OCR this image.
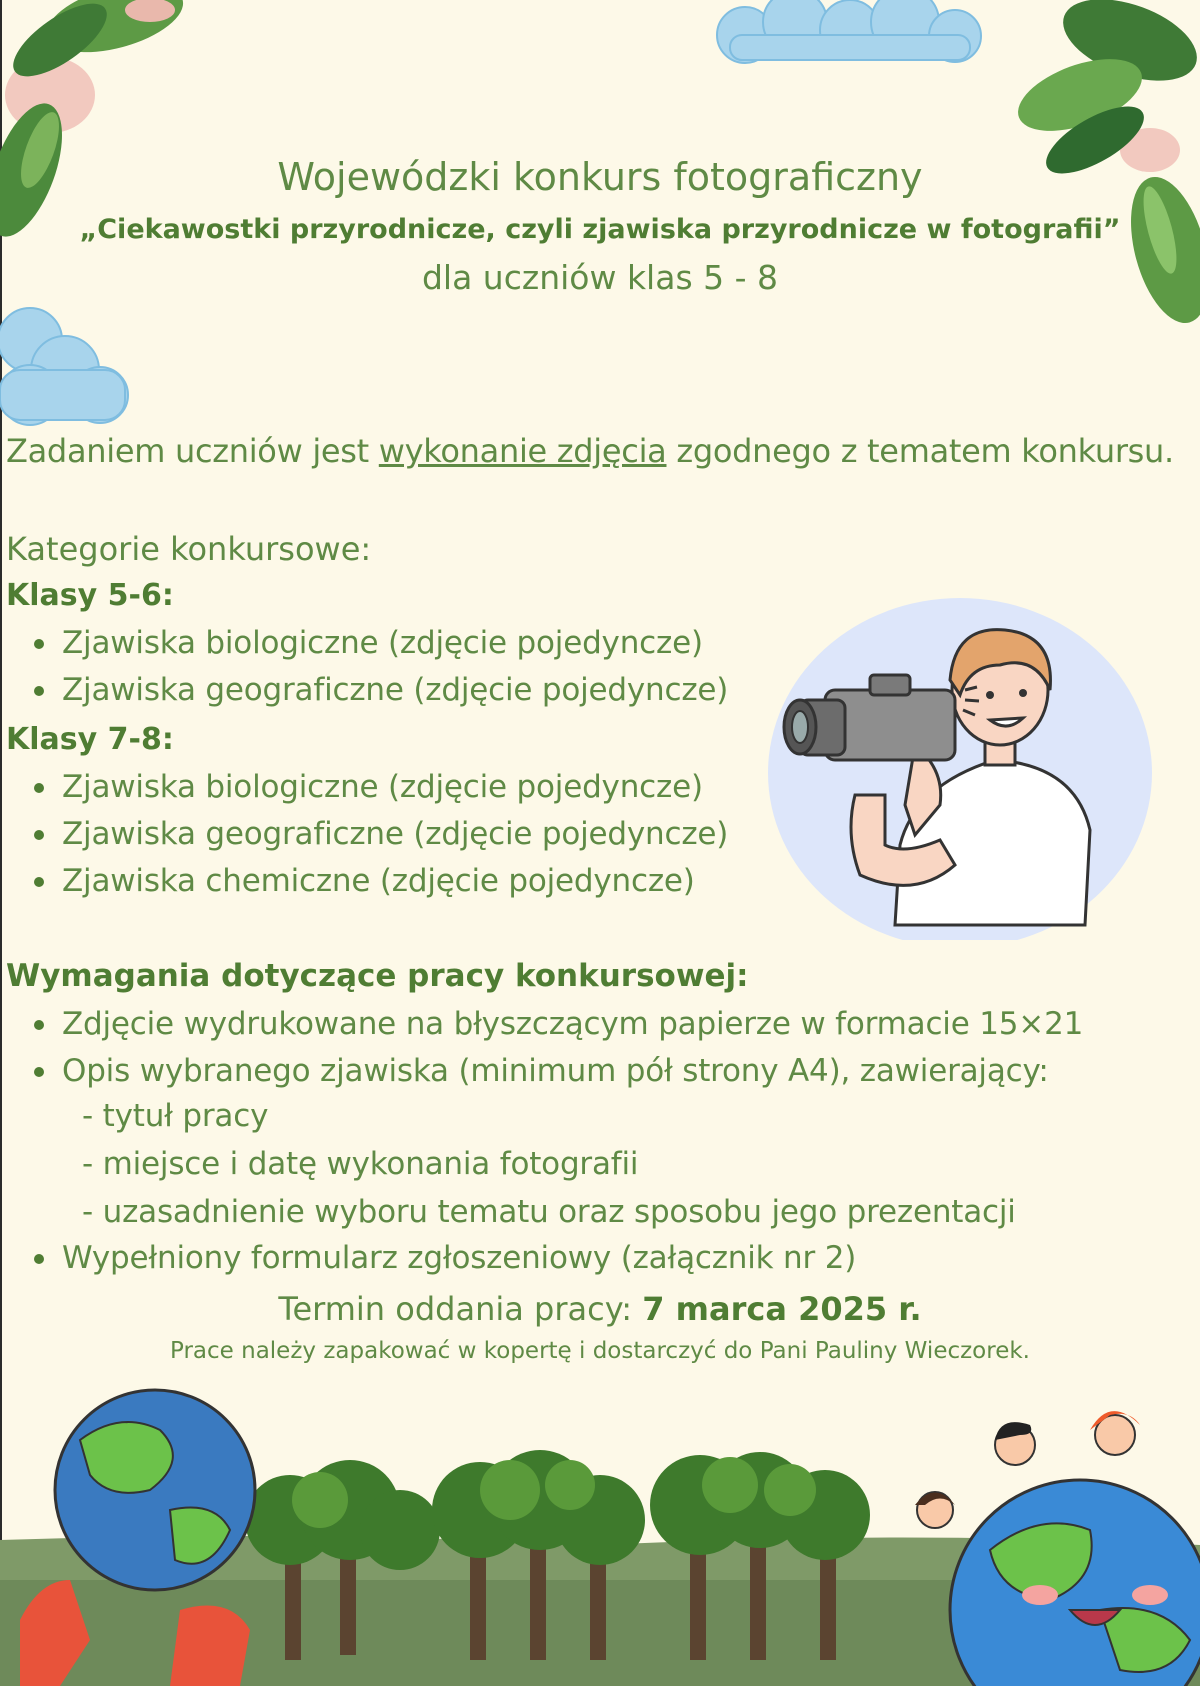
Wojewódzki konkurs fotograficzny
„Ciekawostki przyrodnicze, czyli zjawiska przyrodnicze w fotografii”
dla uczniów klas 5 - 8
Zadaniem uczniów jest wykonanie zdjęcia zgodnego z tematem konkursu.
Kategorie konkursowe:
Klasy 5-6:
Zjawiska biologiczne (zdjęcie pojedyncze)
Zjawiska geograficzne (zdjęcie pojedyncze)
Klasy 7-8:
Zjawiska biologiczne (zdjęcie pojedyncze)
Zjawiska geograficzne (zdjęcie pojedyncze)
Zjawiska chemiczne (zdjęcie pojedyncze)
Wymagania dotyczące pracy konkursowej:
Zdjęcie wydrukowane na błyszczącym papierze w formacie 15×21
Opis wybranego zjawiska (minimum pół strony A4), zawierający:
- tytuł pracy
- miejsce i datę wykonania fotografii
- uzasadnienie wyboru tematu oraz sposobu jego prezentacji
Wypełniony formularz zgłoszeniowy (załącznik nr 2)
Termin oddania pracy: 7 marca 2025 r.
Prace należy zapakować w kopertę i dostarczyć do Pani Pauliny Wieczorek.
